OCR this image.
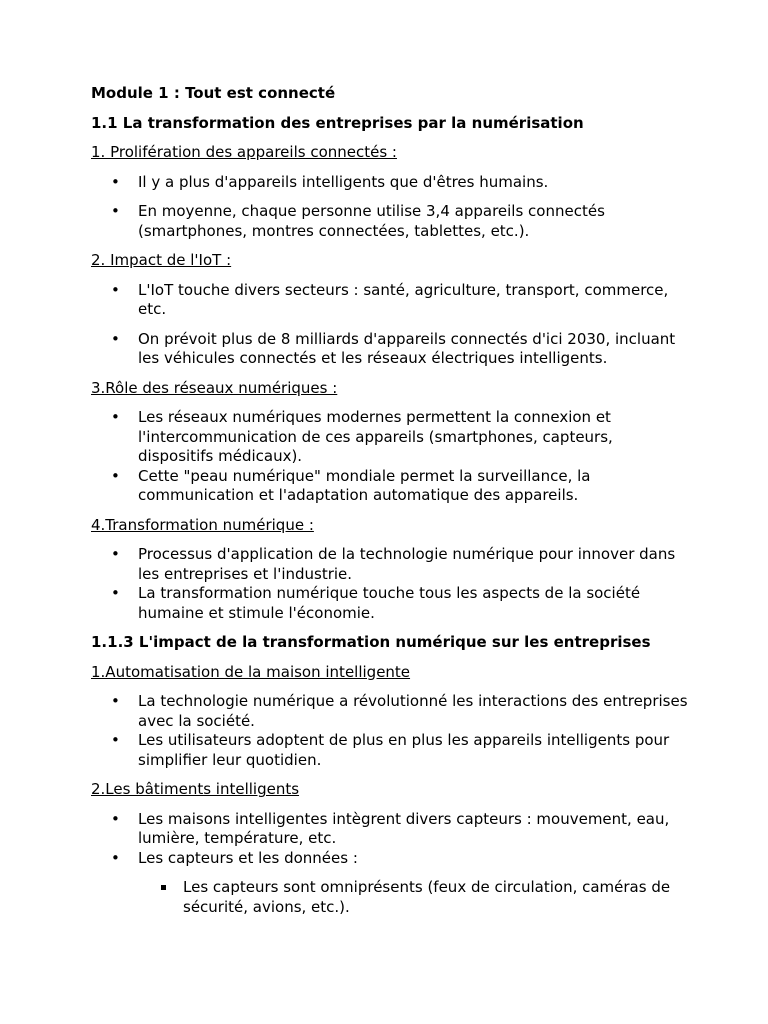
Module 1 : Tout est connecté

1.1 La transformation des entreprises par la numérisation

1. Prolifération des appareils connectés :

• Il y a plus d'appareils intelligents que d'êtres humains.
• En moyenne, chaque personne utilise 3,4 appareils connectés (smartphones, montres connectées, tablettes, etc.).

2. Impact de l'IoT :

• L'IoT touche divers secteurs : santé, agriculture, transport, commerce, etc.
• On prévoit plus de 8 milliards d'appareils connectés d'ici 2030, incluant les véhicules connectés et les réseaux électriques intelligents.

3.Rôle des réseaux numériques :

• Les réseaux numériques modernes permettent la connexion et l'intercommunication de ces appareils (smartphones, capteurs, dispositifs médicaux).
• Cette "peau numérique" mondiale permet la surveillance, la communication et l'adaptation automatique des appareils.

4.Transformation numérique :

• Processus d'application de la technologie numérique pour innover dans les entreprises et l'industrie.
• La transformation numérique touche tous les aspects de la société humaine et stimule l'économie.

1.1.3 L'impact de la transformation numérique sur les entreprises

1.Automatisation de la maison intelligente

• La technologie numérique a révolutionné les interactions des entreprises avec la société.
• Les utilisateurs adoptent de plus en plus les appareils intelligents pour simplifier leur quotidien.

2.Les bâtiments intelligents

• Les maisons intelligentes intègrent divers capteurs : mouvement, eau, lumière, température, etc.
• Les capteurs et les données :
Les capteurs sont omniprésents (feux de circulation, caméras de sécurité, avions, etc.).
